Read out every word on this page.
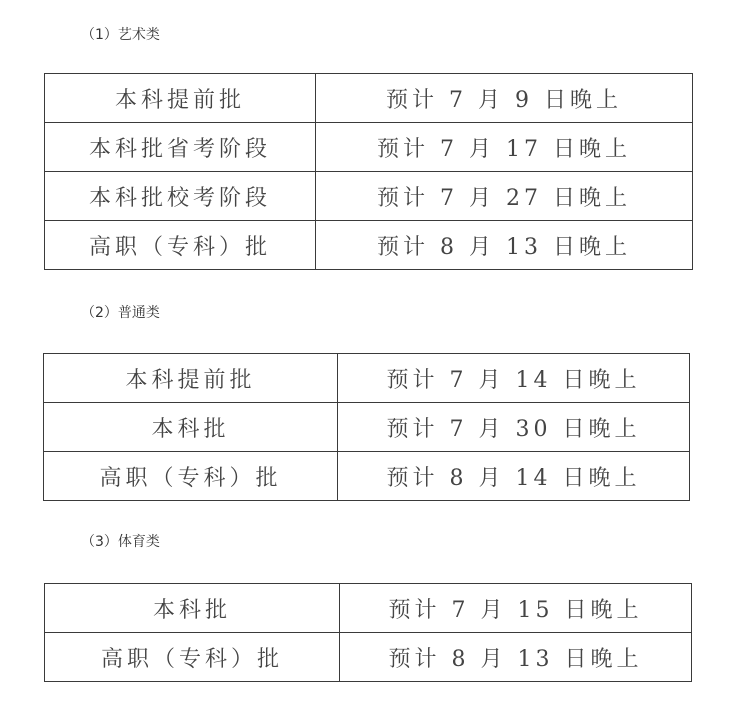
（1）艺术类
本科提前批	预计 7 月 9 日晚上
本科批省考阶段	预计 7 月 17 日晚上
本科批校考阶段	预计 7 月 27 日晚上
高职（专科）批	预计 8 月 13 日晚上
（2）普通类
本科提前批	预计 7 月 14 日晚上
本科批	预计 7 月 30 日晚上
高职（专科）批	预计 8 月 14 日晚上
（3）体育类
本科批	预计 7 月 15 日晚上
高职（专科）批	预计 8 月 13 日晚上
